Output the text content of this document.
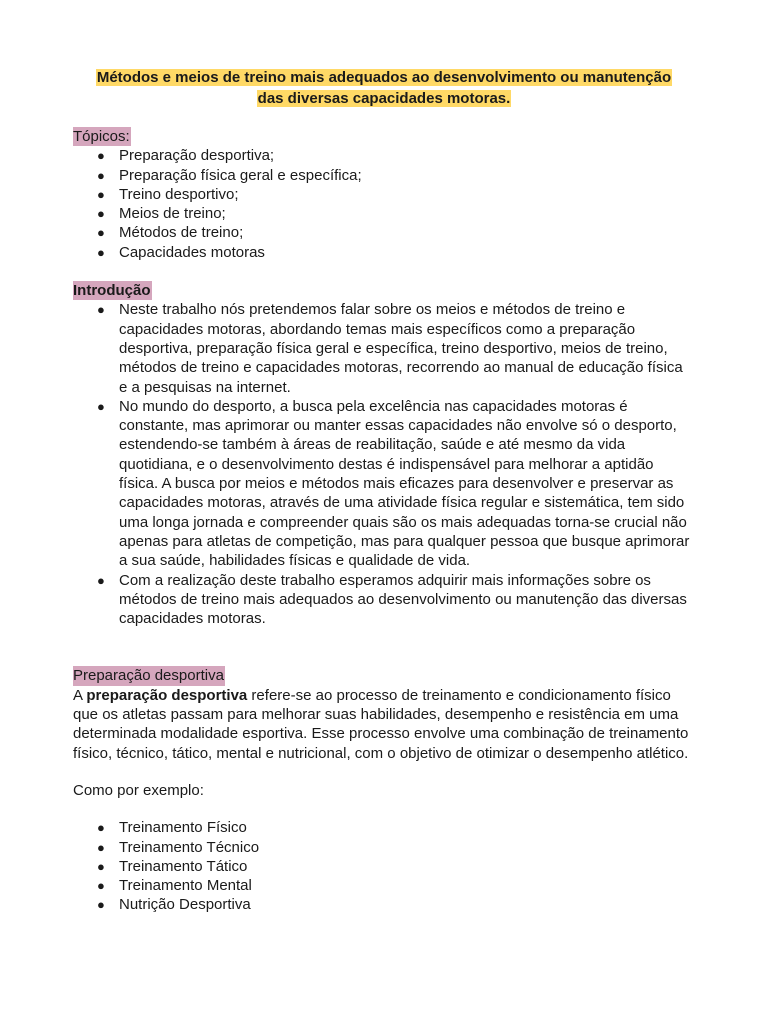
Métodos e meios de treino mais adequados ao desenvolvimento ou manutenção
das diversas capacidades motoras.

Tópicos:
● Preparação desportiva;
● Preparação física geral e específica;
● Treino desportivo;
● Meios de treino;
● Métodos de treino;
● Capacidades motoras
Introdução
● Neste trabalho nós pretendemos falar sobre os meios e métodos de treino e capacidades motoras, abordando temas mais específicos como a preparação desportiva, preparação física geral e específica, treino desportivo, meios de treino, métodos de treino e capacidades motoras, recorrendo ao manual de educação física e a pesquisas na internet.
● No mundo do desporto, a busca pela excelência nas capacidades motoras é constante, mas aprimorar ou manter essas capacidades não envolve só o desporto, estendendo-se também à áreas de reabilitação, saúde e até mesmo da vida quotidiana, e o desenvolvimento destas é indispensável para melhorar a aptidão física. A busca por meios e métodos mais eficazes para desenvolver e preservar as capacidades motoras, através de uma atividade física regular e sistemática, tem sido uma longa jornada e compreender quais são os mais adequadas torna-se crucial não apenas para atletas de competição, mas para qualquer pessoa que busque aprimorar a sua saúde, habilidades físicas e qualidade de vida.
● Com a realização deste trabalho esperamos adquirir mais informações sobre os métodos de treino mais adequados ao desenvolvimento ou manutenção das diversas capacidades motoras.
Preparação desportiva

A preparação desportiva refere-se ao processo de treinamento e condicionamento físico que os atletas passam para melhorar suas habilidades, desempenho e resistência em uma determinada modalidade esportiva. Esse processo envolve uma combinação de treinamento físico, técnico, tático, mental e nutricional, com o objetivo de otimizar o desempenho atlético.

Como por exemplo:

● Treinamento Físico
● Treinamento Técnico
● Treinamento Tático
● Treinamento Mental
● Nutrição Desportiva
